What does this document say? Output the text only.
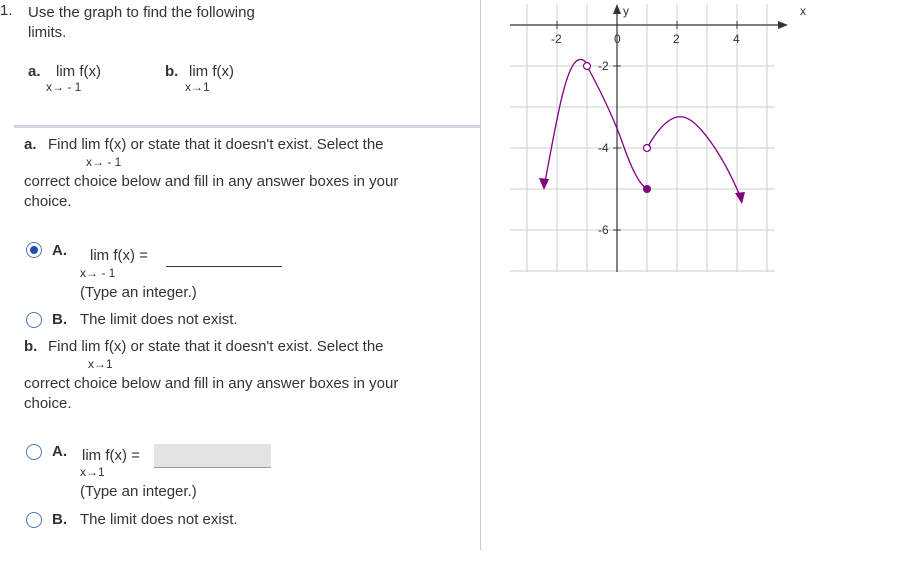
1. Use the graph to find the following
limits.
a. lim f(x)
x→ - 1
b. lim f(x)
x→1
a. Find lim f(x) or state that it doesn't exist. Select the
x→ - 1
correct choice below and fill in any answer boxes in your
choice.
A. lim f(x) =
x→ - 1
(Type an integer.)
B. The limit does not exist.
b. Find lim f(x) or state that it doesn't exist. Select the
x→1
correct choice below and fill in any answer boxes in your
choice.
A. lim f(x) =
x→1
(Type an integer.)
B. The limit does not exist.
x
y
-2	0	2	4
-2
-4
-6
